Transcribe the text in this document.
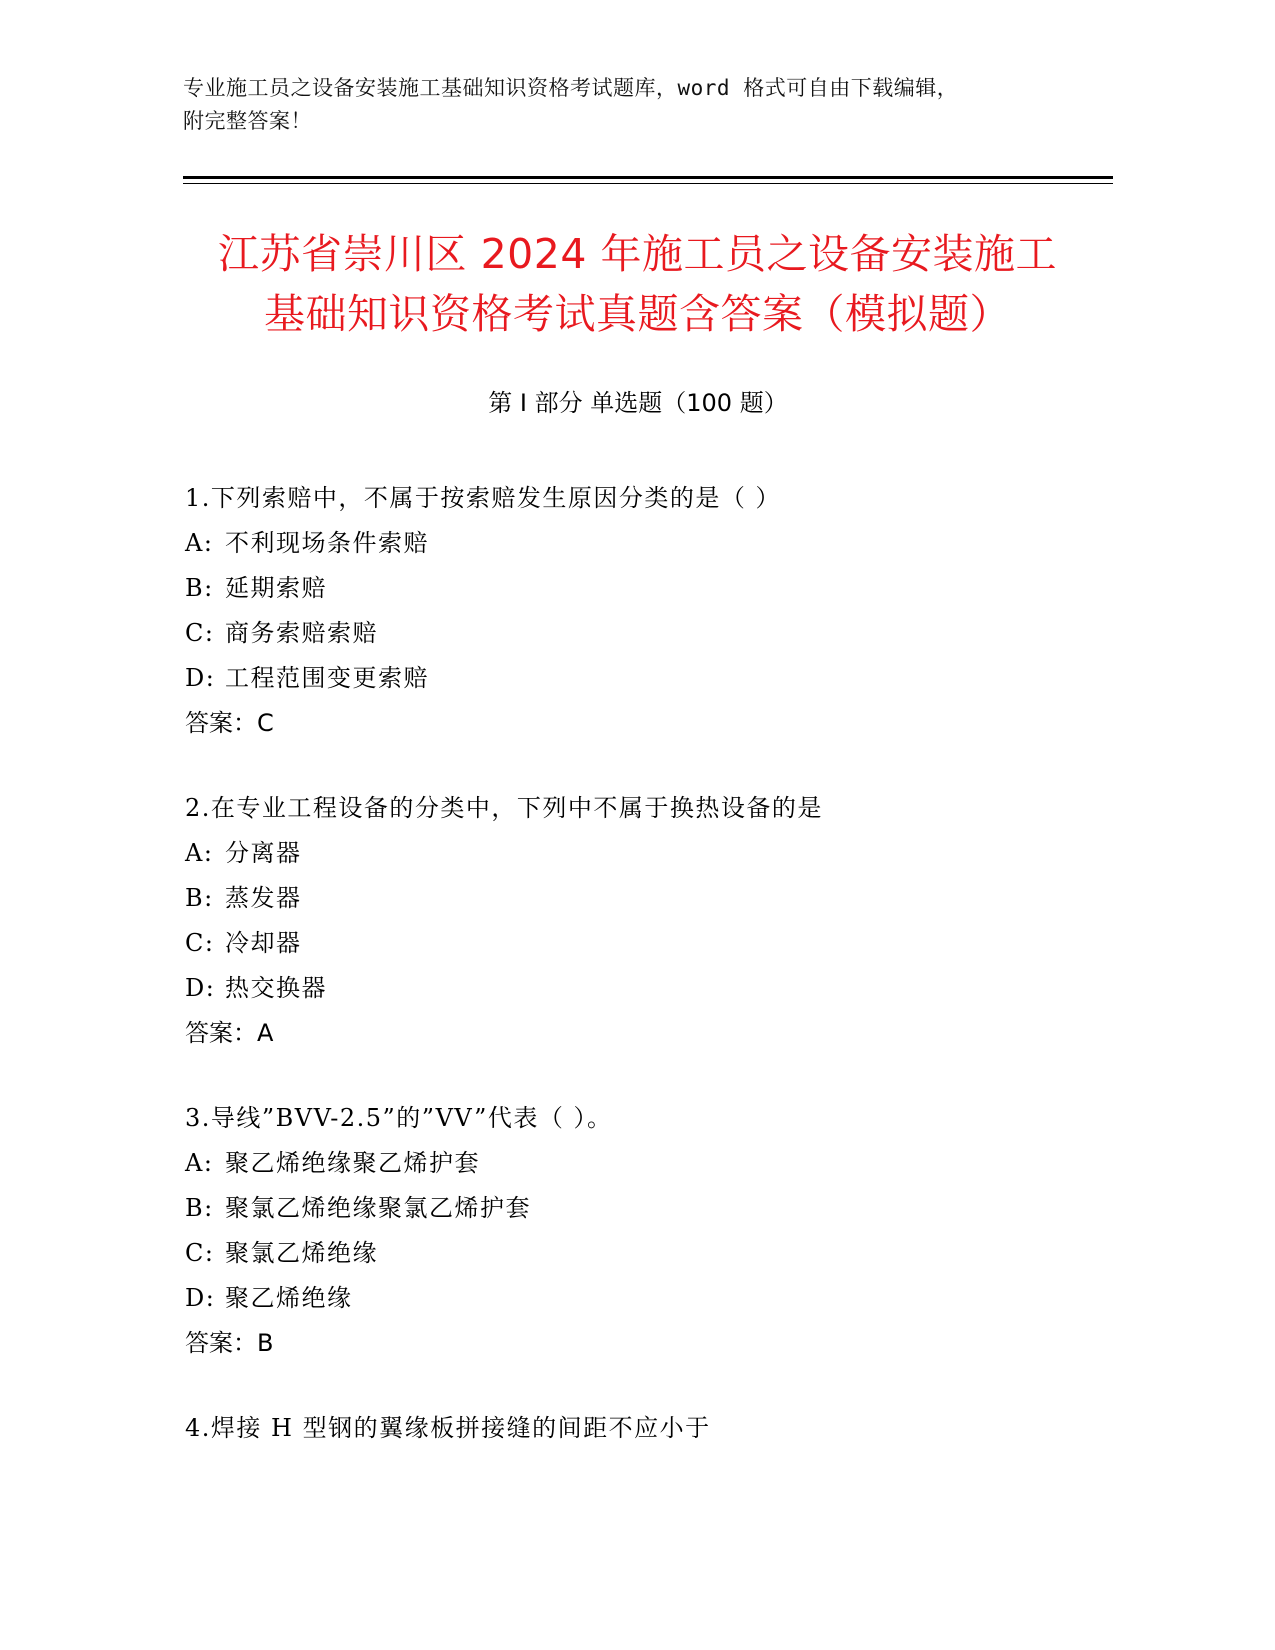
专业施工员之设备安装施工基础知识资格考试题库，word 格式可自由下载编辑，
附完整答案！
江苏省崇川区 2024 年施工员之设备安装施工
基础知识资格考试真题含答案（模拟题）
第 I 部分 单选题（100 题）
1.下列索赔中，不属于按索赔发生原因分类的是（ ）
A: 不利现场条件索赔
B: 延期索赔
C: 商务索赔索赔
D: 工程范围变更索赔
答案：C
2.在专业工程设备的分类中，下列中不属于换热设备的是
A: 分离器
B: 蒸发器
C: 冷却器
D: 热交换器
答案：A
3.导线”BVV-2.5”的”VV”代表（ ）。
A: 聚乙烯绝缘聚乙烯护套
B: 聚氯乙烯绝缘聚氯乙烯护套
C: 聚氯乙烯绝缘
D: 聚乙烯绝缘
答案：B
4.焊接 H 型钢的翼缘板拼接缝的间距不应小于
